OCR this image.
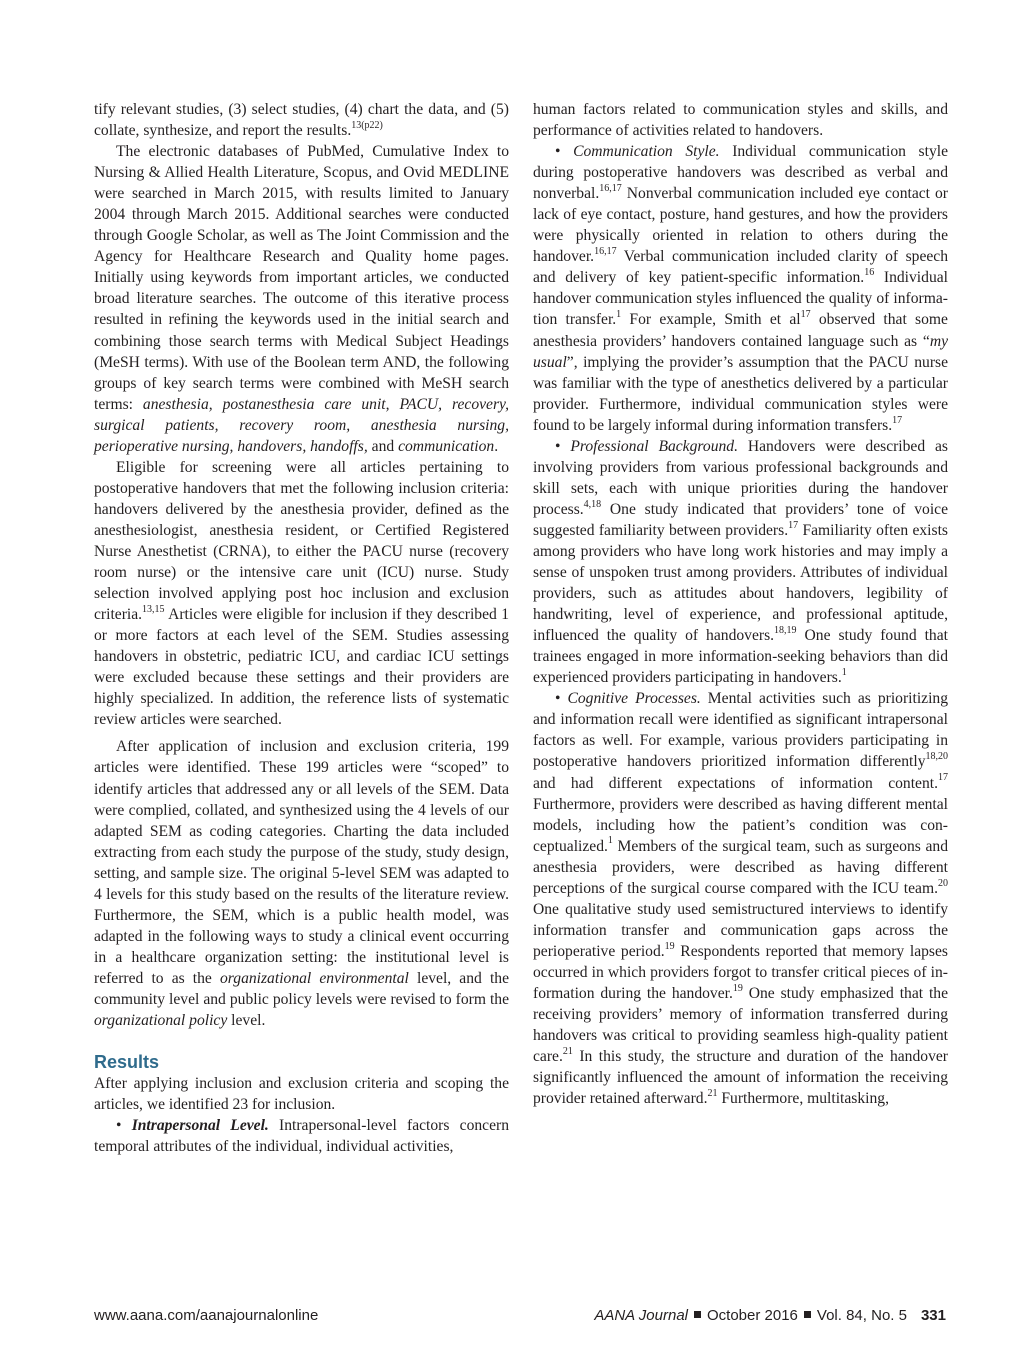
tify relevant studies, (3) select studies, (4) chart the data, and (5) collate, synthesize, and report the results.$^{13(p22)}$

The electronic databases of PubMed, Cumulative Index to Nursing & Allied Health Literature, Scopus, and Ovid MEDLINE were searched in March 2015, with results limited to January 2004 through March 2015. Additional searches were conducted through Google Scholar, as well as The Joint Commission and the Agency for Healthcare Research and Quality home pages. Initially using keywords from important articles, we conducted broad literature searches. The outcome of this iterative process resulted in refining the keywords used in the initial search and combining those search terms with Medical Subject Headings (MeSH terms). With use of the Boolean term AND, the following groups of key search terms were combined with MeSH search terms: anesthesia, postanesthesia care unit, PACU, recovery, surgical patients, recovery room, anesthesia nursing, perioperative nursing, handovers, handoffs, and communication.

Eligible for screening were all articles pertaining to postoperative handovers that met the following inclusion criteria: handovers delivered by the anesthesia provider, defined as the anesthesiologist, anesthesia resident, or Certified Registered Nurse Anesthetist (CRNA), to either the PACU nurse (recovery room nurse) or the intensive care unit (ICU) nurse. Study selection involved applying post hoc inclusion and exclusion criteria.$^{13,15}$ Articles were eligible for inclusion if they described 1 or more factors at each level of the SEM. Studies assessing handovers in obstetric, pediatric ICU, and cardiac ICU settings were excluded because these settings and their providers are highly specialized. In addition, the reference lists of systematic review articles were searched.

After application of inclusion and exclusion criteria, 199 articles were identified. These 199 articles were “scoped” to identify articles that addressed any or all levels of the SEM. Data were complied, collated, and synthesized using the 4 levels of our adapted SEM as coding categories. Charting the data included extracting from each study the purpose of the study, study design, setting, and sample size. The original 5-level SEM was adapted to 4 levels for this study based on the results of the literature review. Furthermore, the SEM, which is a public health model, was adapted in the following ways to study a clinical event occurring in a healthcare organization setting: the institutional level is referred to as the organizational environmental level, and the community level and public policy levels were revised to form the organizational policy level.

Results

After applying inclusion and exclusion criteria and scoping the articles, we identified 23 for inclusion.

• Intrapersonal Level. Intrapersonal-level factors concern temporal attributes of the individual, individual activities,

human factors related to communication styles and skills, and performance of activities related to handovers.

• Communication Style. Individual communication style during postoperative handovers was described as verbal and nonverbal.$^{16,17}$ Nonverbal communication included eye contact or lack of eye contact, posture, hand gestures, and how the providers were physically oriented in relation to others during the handover.$^{16,17}$ Verbal communication included clarity of speech and delivery of key patient-specific information.$^{16}$ Individual handover communication styles influenced the quality of information transfer.$^1$ For example, Smith et $al^{17}$ observed that some anesthesia providers’ handovers contained language such as “my usual”, implying the provider’s assumption that the PACU nurse was familiar with the type of anesthetics delivered by a particular provider. Furthermore, individual communication styles were found to be largely informal during information transfers.$^{17}$

• Professional Background. Handovers were described as involving providers from various professional backgrounds and skill sets, each with unique priorities during the handover process.$^{4,18}$ One study indicated that providers’ tone of voice suggested familiarity between providers.$^{17}$ Familiarity often exists among providers who have long work histories and may imply a sense of unspoken trust among providers. Attributes of individual providers, such as attitudes about handovers, legibility of handwriting, level of experience, and professional aptitude, influenced the quality of handovers.$^{18,19}$ One study found that trainees engaged in more information-seeking behaviors than did experienced providers participating in handovers.$^1$

• Cognitive Processes. Mental activities such as prioritizing and information recall were identified as significant intrapersonal factors as well. For example, various providers participating in postoperative handovers prioritized information differently$^{18,20}$ and had different expectations of information content.$^{17}$ Furthermore, providers were described as having different mental models, including how the patient’s condition was conceptualized.$^1$ Members of the surgical team, such as surgeons and anesthesia providers, were described as having different perceptions of the surgical course compared with the ICU team.$^{20}$ One qualitative study used semistructured interviews to identify information transfer and communication gaps across the perioperative period.$^{19}$ Respondents reported that memory lapses occurred in which providers forgot to transfer critical pieces of information during the handover.$^{19}$ One study emphasized that the receiving providers’ memory of information transferred during handovers was critical to providing seamless high-quality patient care.$^{21}$ In this study, the structure and duration of the handover significantly influenced the amount of information the receiving provider retained afterward.$^{21}$ Furthermore, multitasking,

www.aana.com/aanajournalonline	AANA Journal October 2016 Vol. 84, No. 5 331
